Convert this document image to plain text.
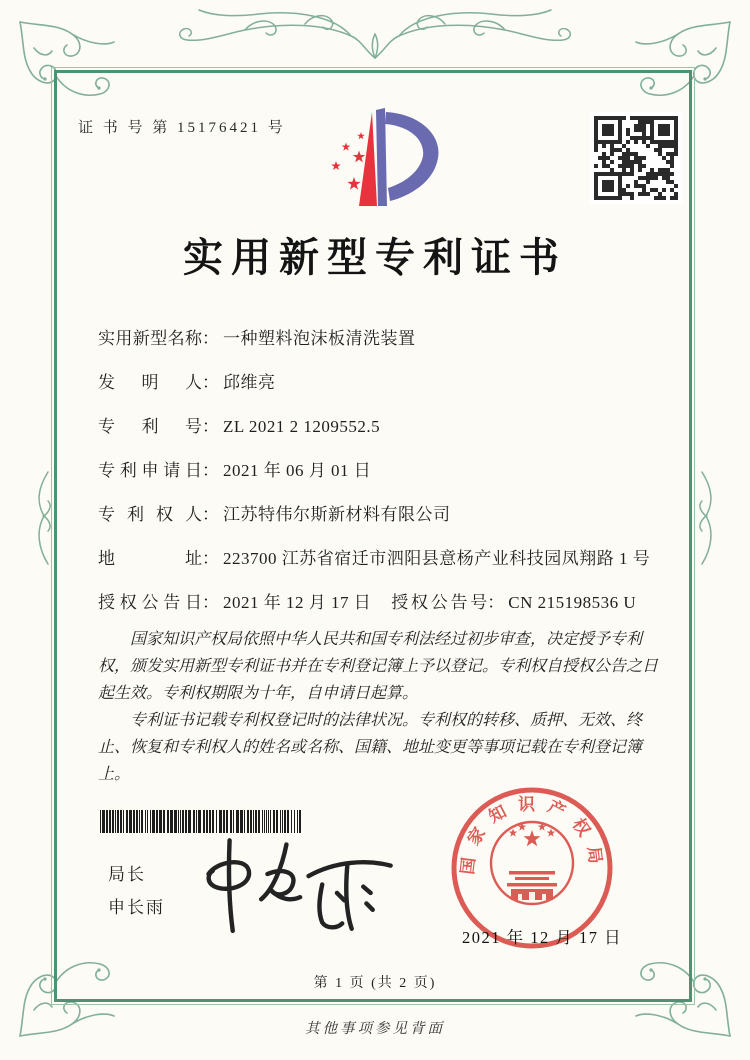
证 书 号 第 15176421 号
实用新型专利证书
实用新型名称： 一种塑料泡沫板清洗装置
发明人： 邱维亮
专利号： ZL 2021 2 1209552.5
专利申请日： 2021 年 06 月 01 日
专利权人： 江苏特伟尔斯新材料有限公司
地址： 223700 江苏省宿迁市泗阳县意杨产业科技园凤翔路 1 号
授权公告日： 2021 年 12 月 17 日 授权公告号： CN 215198536 U

国家知识产权局依照中华人民共和国专利法经过初步审查，决定授予专利权，颁发实用新型专利证书并在专利登记簿上予以登记。专利权自授权公告之日起生效。专利权期限为十年，自申请日起算。

专利证书记载专利权登记时的法律状况。专利权的转移、质押、无效、终止、恢复和专利权人的姓名或名称、国籍、地址变更等事项记载在专利登记簿上。

局长
申长雨
国家知识产权局
2021 年 12 月 17 日
第 1 页 (共 2 页)
其他事项参见背面
